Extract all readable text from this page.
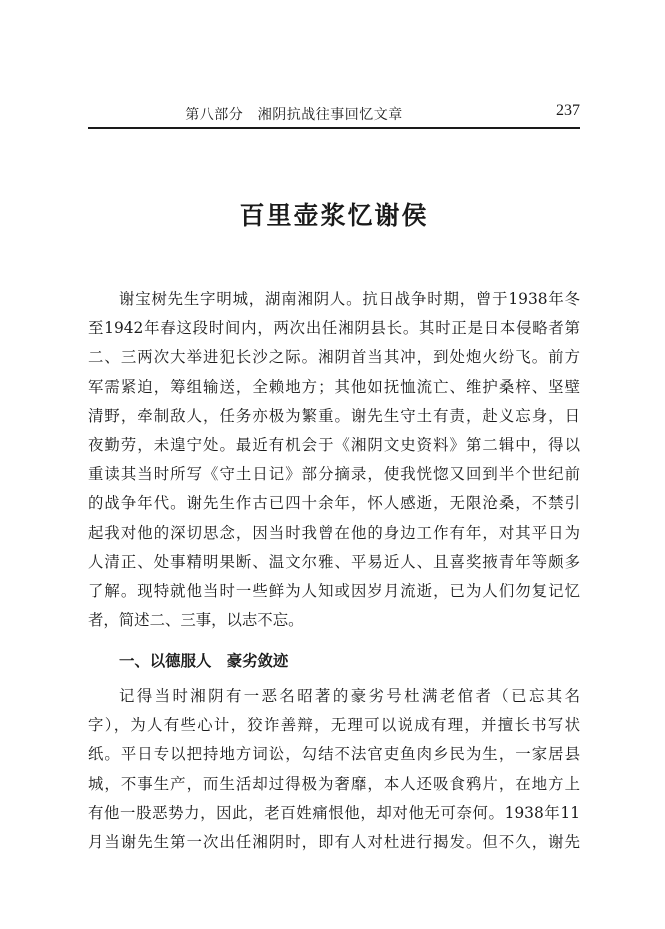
第八部分　湘阴抗战往事回忆文章	237
百里壶浆忆谢侯
谢宝树先生字明城，湖南湘阴人。抗日战争时期，曾于1938年冬
至1942年春这段时间内，两次出任湘阴县长。其时正是日本侵略者第
二、三两次大举进犯长沙之际。湘阴首当其冲，到处炮火纷飞。前方
军需紧迫，筹组输送，全赖地方；其他如抚恤流亡、维护桑梓、坚壁
清野，牵制敌人，任务亦极为繁重。谢先生守土有责，赴义忘身，日
夜勤劳，未遑宁处。最近有机会于《湘阴文史资料》第二辑中，得以
重读其当时所写《守土日记》部分摘录，使我恍惚又回到半个世纪前
的战争年代。谢先生作古已四十余年，怀人感逝，无限沧桑，不禁引
起我对他的深切思念，因当时我曾在他的身边工作有年，对其平日为
人清正、处事精明果断、温文尔雅、平易近人、且喜奖掖青年等颇多
了解。现特就他当时一些鲜为人知或因岁月流逝，已为人们勿复记忆
者，简述二、三事，以志不忘。
一、以德服人　豪劣敛迹
记得当时湘阴有一恶名昭著的豪劣号杜满老倌者（已忘其名
字），为人有些心计，狡诈善辩，无理可以说成有理，并擅长书写状
纸。平日专以把持地方词讼，勾结不法官吏鱼肉乡民为生，一家居县
城，不事生产，而生活却过得极为奢靡，本人还吸食鸦片，在地方上
有他一股恶势力，因此，老百姓痛恨他，却对他无可奈何。1938年11
月当谢先生第一次出任湘阴时，即有人对杜进行揭发。但不久，谢先
